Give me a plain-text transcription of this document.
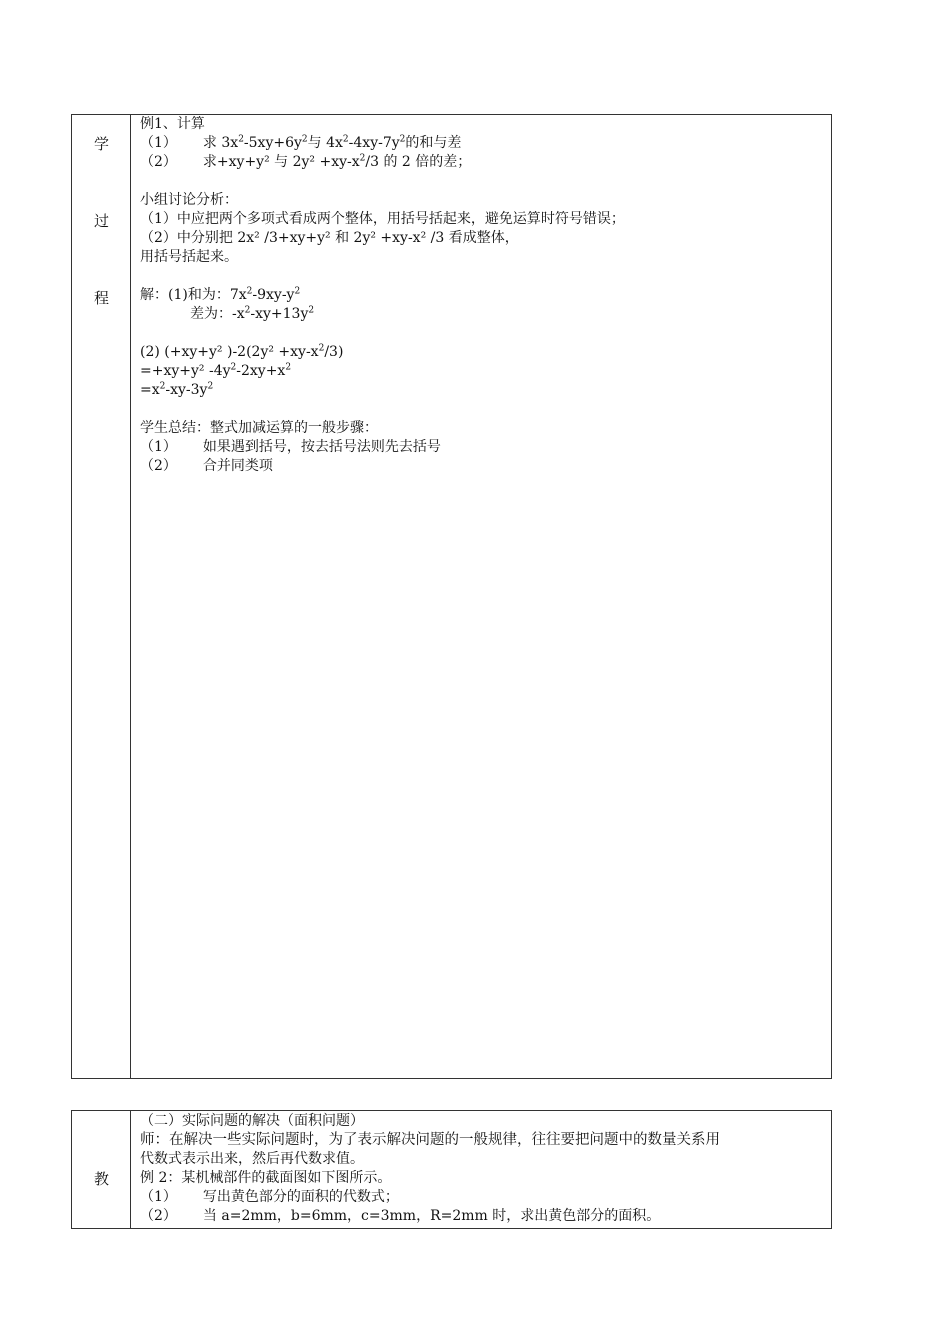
学
过
程
例1、计算
（1） 求 $3x^2-5xy+6y^2$与 $4x^2-4xy-7y^2$的和与差
（2） 求+xy+y² 与 $2y^2 +xy-x^2/3$ 的 2 倍的差；
小组讨论分析：
（1）中应把两个多项式看成两个整体，用括号括起来，避免运算时符号错误；
（2）中分别把 2x² /3+xy+y² 和 2y² +xy-x² /3 看成整体，
用括号括起来。
解：(1)和为：$7x^2-9xy-y^2$
差为：$-x^2-xy+13y^2$
(2) (+xy+y² )$-2(2y^2 +xy-x^2/3)$
=+xy+y² $-4y^2-2xy+x^2$
$=x^2-xy-3y^2$
学生总结：整式加减运算的一般步骤：
（1） 如果遇到括号，按去括号法则先去括号
（2） 合并同类项
教
（二）实际问题的解决（面积问题）
师：在解决一些实际问题时，为了表示解决问题的一般规律，往往要把问题中的数量关系用
代数式表示出来，然后再代数求值。
例 2：某机械部件的截面图如下图所示。
（1） 写出黄色部分的面积的代数式；
（2） 当 a=2mm，b=6mm，c=3mm，R=2mm 时，求出黄色部分的面积。
